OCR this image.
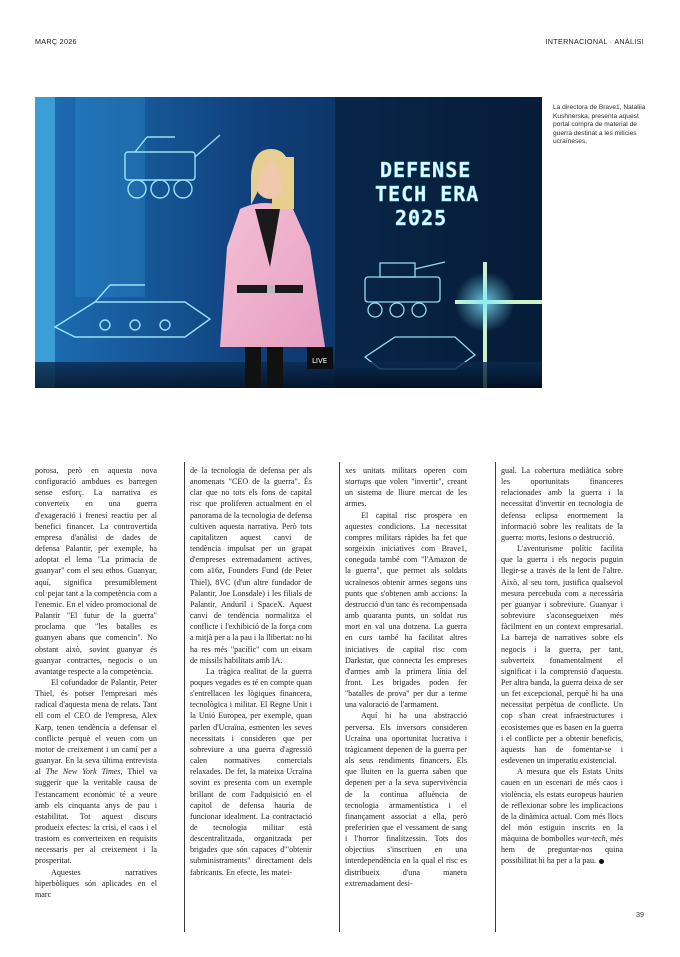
MARÇ 2026	INTERNACIONAL · ANÀLISI
DEFENSE
TECH ERA
2025
LIVE
La directora de Brave1, Nataliia Kushnerska, presenta aquest portal compra de material de guerra destinat a les milícies ucraïneses.

porosa, però en aquesta nova configuració ambdues es barregen sense esforç. La narrativa es converteix en una guerra d'exageració i frenesí reactiu per al benefici financer. La controvertida empresa d'anàlisi de dades de defensa Palantir, per exemple, ha adoptat el lema "La primacia de guanyar" com el seu ethos. Guanyar, aquí, significa presumiblement col·pejar tant a la competència com a l'enemic. En el vídeo promocional de Palantir "El futur de la guerra" proclama que "les batalles es guanyen abans que comencin". No obstant això, sovint guanyar és guanyar contractes, negocis o un avantatge respecte a la competència.

El cofundador de Palantir, Peter Thiel, és potser l'empresari més radical d'aquesta mena de relats. Tant ell com el CEO de l'empresa, Alex Karp, tenen tendència a defensar el conflicte perquè el veuen com un motor de creixement i un camí per a guanyar. En la seva última entrevista al The New York Times, Thiel va suggerir que la veritable causa de l'estancament econòmic té a veure amb els cinquanta anys de pau i estabilitat. Tot aquest discurs produeix efectes: la crisi, el caos i el trastorn es converteixen en requisits necessaris per al creixement i la prosperitat.

Aquestes narratives hiperbòliques són aplicades en el marc

de la tecnologia de defensa per als anomenats "CEO de la guerra". És clar que no tots els fons de capital risc que proliferen actualment en el panorama de la tecnologia de defensa cultiven aquesta narrativa. Però tots capitalitzen aquest canvi de tendència impulsat per un grapat d'empreses extremadament actives, com a16z, Founders Fund (de Peter Thiel), 8VC (d'un altre fundador de Palantir, Joe Lonsdale) i les filials de Palantir, Anduril i SpaceX. Aquest canvi de tendència normalitza el conflicte i l'exhibició de la força com a mitjà per a la pau i la llibertat: no hi ha res més "pacífic" com un eixam de míssils habilitats amb IA.

La tràgica realitat de la guerra poques vegades es té en compte quan s'entrellacen les lògiques financera, tecnològica i militar. El Regne Unit i la Unió Europea, per exemple, quan parlen d'Ucraïna, esmenten les seves necessitats i consideren que per sobreviure a una guerra d'agressió calen normatives comercials relaxades. De fet, la mateixa Ucraïna sovint es presenta com un exemple brillant de com l'adquisició en el capitol de defensa hauria de funcionar idealment. La contractació de tecnologia militar està descentralitzada, organitzada per brigades que són capaces d'"obtenir subministraments" directament dels fabricants. En efecte, les matei-

xes unitats militars operen com startups que volen "invertir", creant un sistema de lliure mercat de les armes.

El capital risc prospera en aquestes condicions. La necessitat compres militars ràpides ha fet que sorgeixin iniciatives com Brave1, coneguda també com "l'Amazon de la guerra", que permet als soldats ucraïnesos obtenir armes segons uns punts que s'obtenen amb accions: la destrucció d'un tanc és recompensada amb quaranta punts, un soldat rus mort en val una dotzena. La guerra en curs també ha facilitat altres iniciatives de capital risc com Darkstar, que connecta les empreses d'armes amb la primera línia del front. Les brigades poden fer "batalles de prova" per dur a terme una valoració de l'armament.

Aquí hi ha una abstracció perversa. Els inversors consideren Ucraïna una oportunitat lucrativa i tràgicament depenen de la guerra per als seus rendiments financers. Els que lluiten en la guerra saben que depenen per a la seva supervivència de la contínua afluència de tecnologia armamentística i el finançament associat a ella, però preferirien que el vessament de sang i l'horror finalitzessin. Tots dos objectius s'inscriuen en una interdependència en la qual el risc es distribueix d'una manera extremadament desi-

gual. La cobertura mediàtica sobre les oportunitats financeres relacionades amb la guerra i la necessitat d'invertir en tecnologia de defensa eclipsa enormement la informació sobre les realitats de la guerra: morts, lesions o destrucció.

L'aventurisme polític facilita que la guerra i els negocis puguin llegir-se a través de la lent de l'altre. Això, al seu torn, justifica qualsevol mesura percebuda com a necessària per guanyar i sobreviure. Guanyar i sobreviure s'aconsegueixen més fàcilment en un context empresarial. La barreja de narratives sobre els negocis i la guerra, per tant, subverteix fonamentalment el significat i la comprensió d'aquesta. Per altra banda, la guerra deixa de ser un fet excepcional, perquè hi ha una necessitat perpètua de conflicte. Un cop s'han creat infraestructures i ecosistemes que es basen en la guerra i el conflicte per a obtenir beneficis, aquests han de fomentar-se i esdevenen un imperatiu existencial.

A mesura que els Estats Units cauen en un escenari de més caos i violència, els estats europeus haurien de reflexionar sobre les implicacions de la dinàmica actual. Com més llocs del món estiguin inscrits en la màquina de bombolles war-tech, més hem de preguntar-nos quina possibilitat hi ha per a la pau.

39
